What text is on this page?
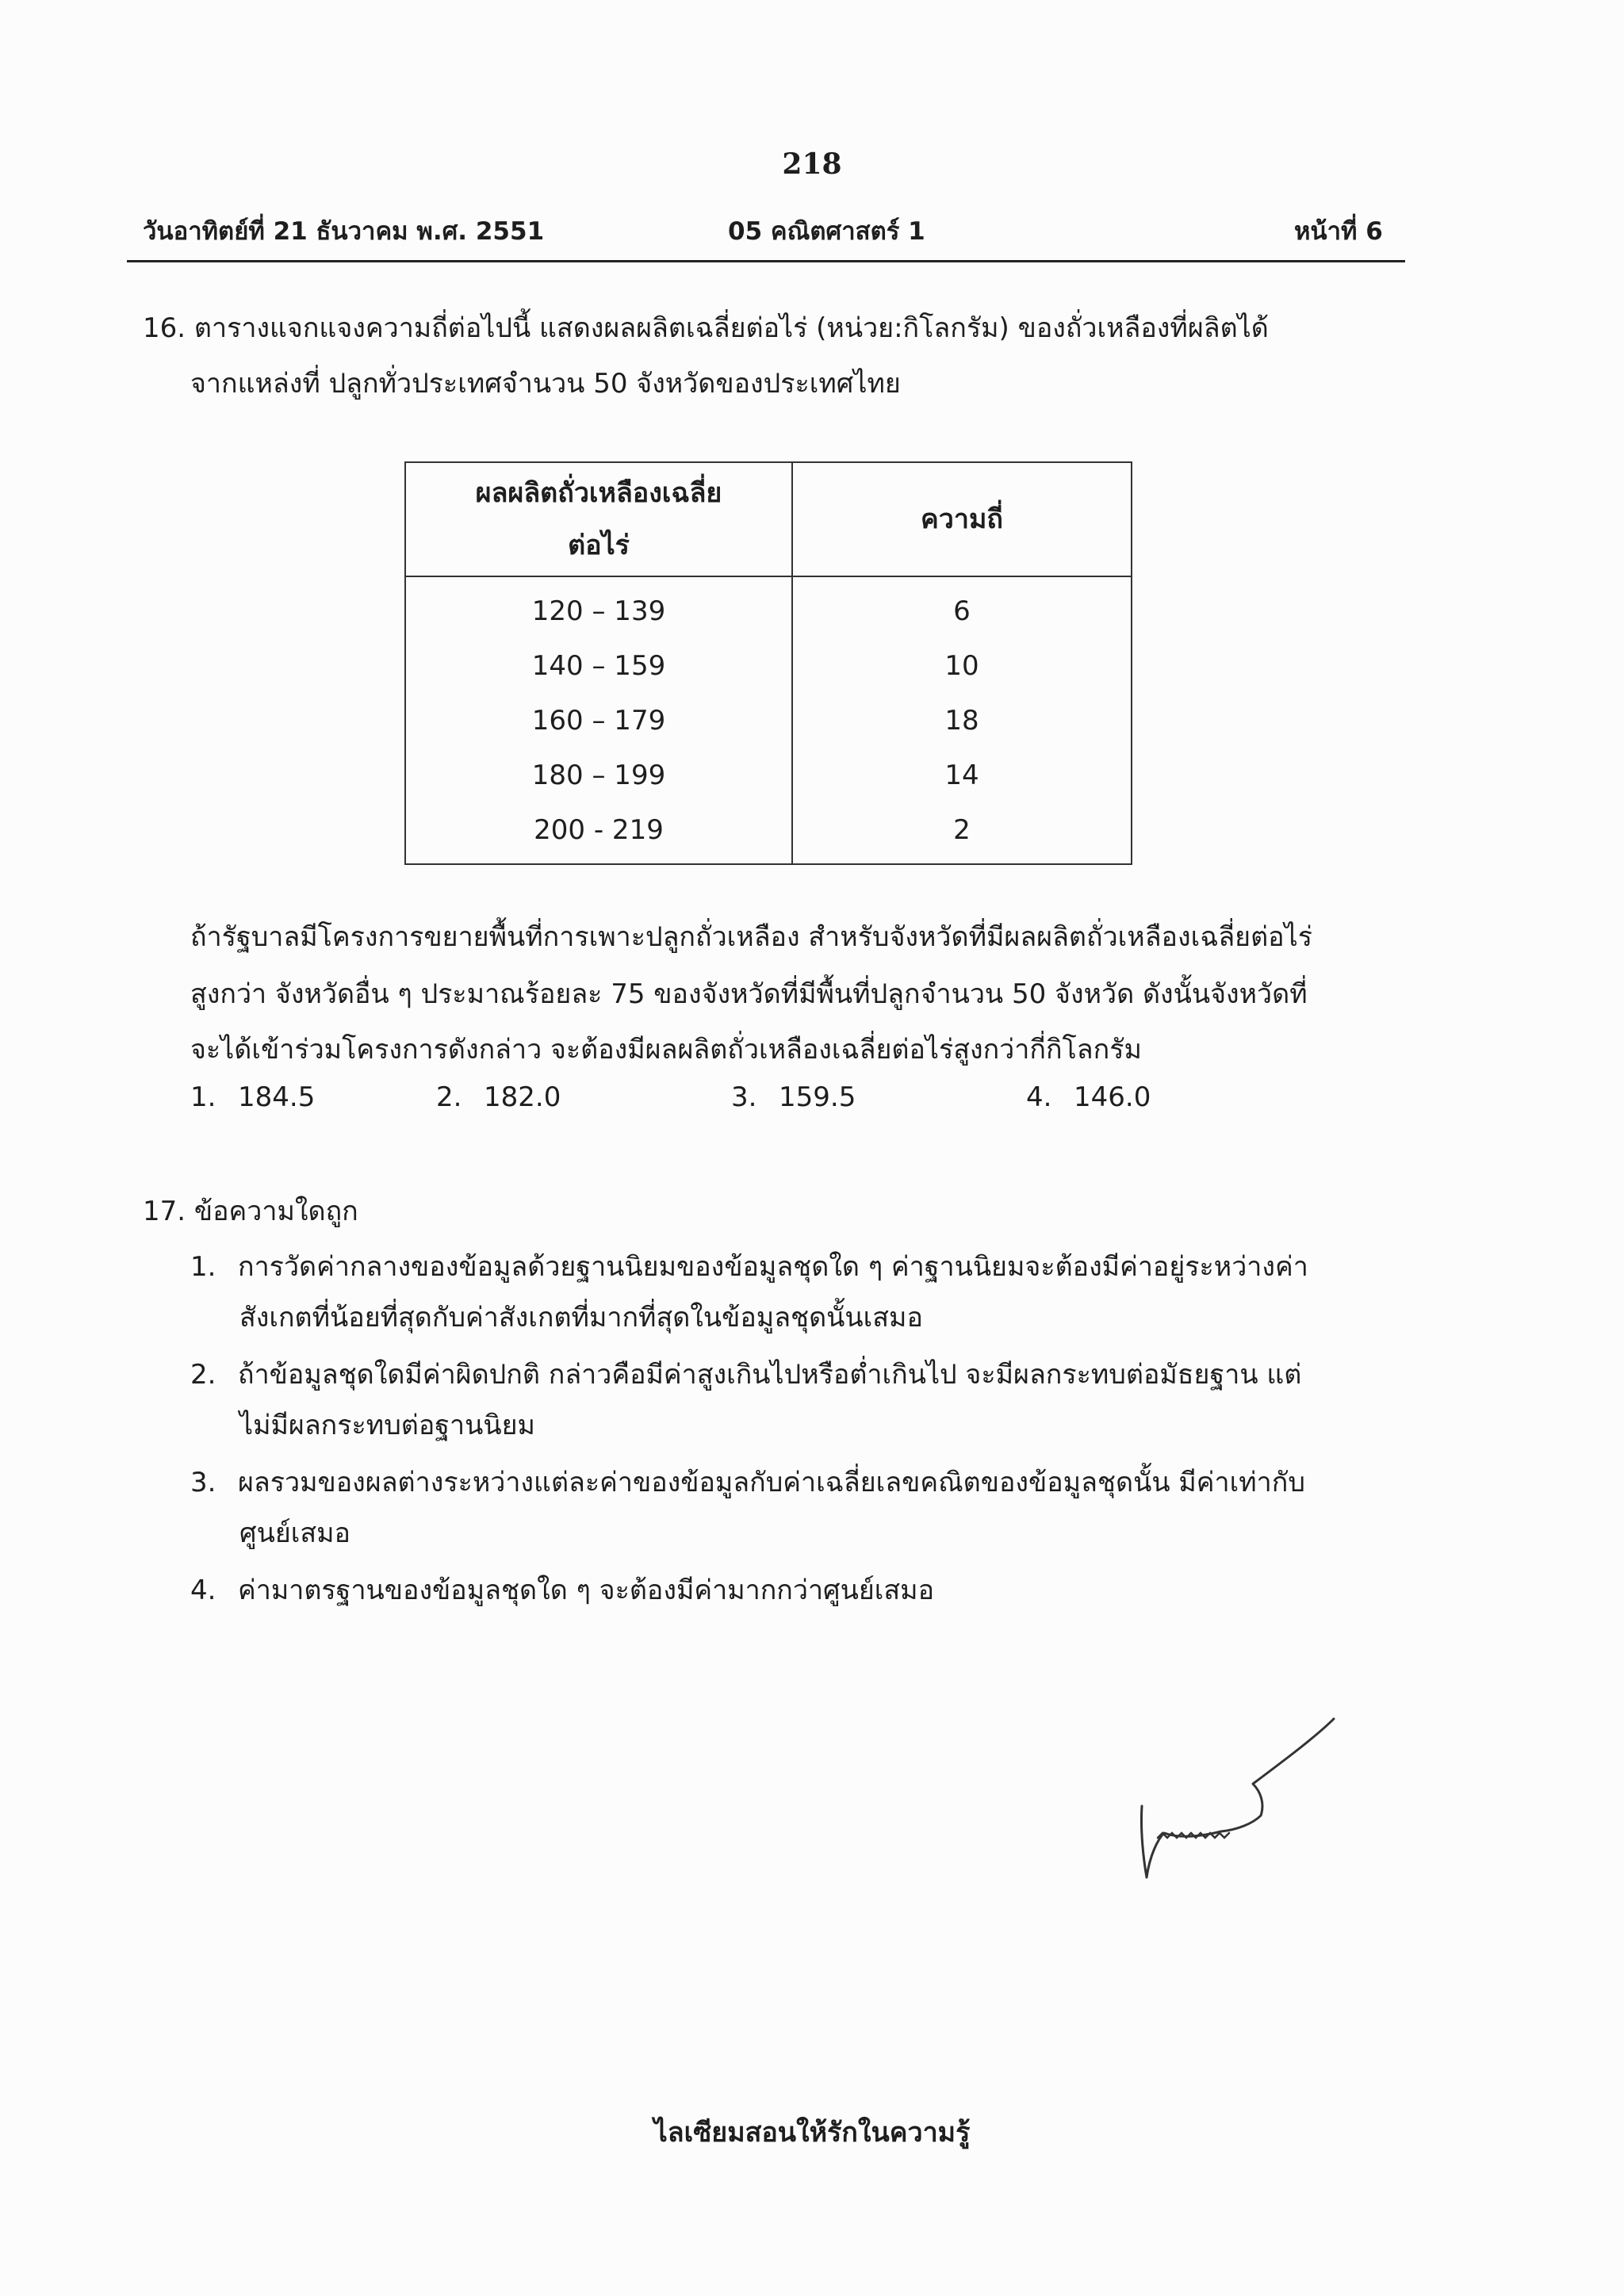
218
วันอาทิตย์ที่ 21 ธันวาคม พ.ศ. 2551	05 คณิตศาสตร์ 1	หน้าที่ 6
16. ตารางแจกแจงความถี่ต่อไปนี้ แสดงผลผลิตเฉลี่ยต่อไร่ (หน่วย:กิโลกรัม) ของถั่วเหลืองที่ผลิตได้
จากแหล่งที่ ปลูกทั่วประเทศจำนวน 50 จังหวัดของประเทศไทย
ผลผลิตถั่วเหลืองเฉลี่ย
ต่อไร่	ความถี่
120 – 139	6
140 – 159	10
160 – 179	18
180 – 199	14
200 - 219	2
ถ้ารัฐบาลมีโครงการขยายพื้นที่การเพาะปลูกถั่วเหลือง สำหรับจังหวัดที่มีผลผลิตถั่วเหลืองเฉลี่ยต่อไร่
สูงกว่า จังหวัดอื่น ๆ ประมาณร้อยละ 75 ของจังหวัดที่มีพื้นที่ปลูกจำนวน 50 จังหวัด ดังนั้นจังหวัดที่
จะได้เข้าร่วมโครงการดังกล่าว จะต้องมีผลผลิตถั่วเหลืองเฉลี่ยต่อไร่สูงกว่ากี่กิโลกรัม
1. 184.5	2. 182.0	3. 159.5	4. 146.0
17. ข้อความใดถูก
1. การวัดค่ากลางของข้อมูลด้วยฐานนิยมของข้อมูลชุดใด ๆ ค่าฐานนิยมจะต้องมีค่าอยู่ระหว่างค่า
สังเกตที่น้อยที่สุดกับค่าสังเกตที่มากที่สุดในข้อมูลชุดนั้นเสมอ
2. ถ้าข้อมูลชุดใดมีค่าผิดปกติ กล่าวคือมีค่าสูงเกินไปหรือต่ำเกินไป จะมีผลกระทบต่อมัธยฐาน แต่
ไม่มีผลกระทบต่อฐานนิยม
3. ผลรวมของผลต่างระหว่างแต่ละค่าของข้อมูลกับค่าเฉลี่ยเลขคณิตของข้อมูลชุดนั้น มีค่าเท่ากับ
ศูนย์เสมอ
4. ค่ามาตรฐานของข้อมูลชุดใด ๆ จะต้องมีค่ามากกว่าศูนย์เสมอ
ไลเซียมสอนให้รักในความรู้
